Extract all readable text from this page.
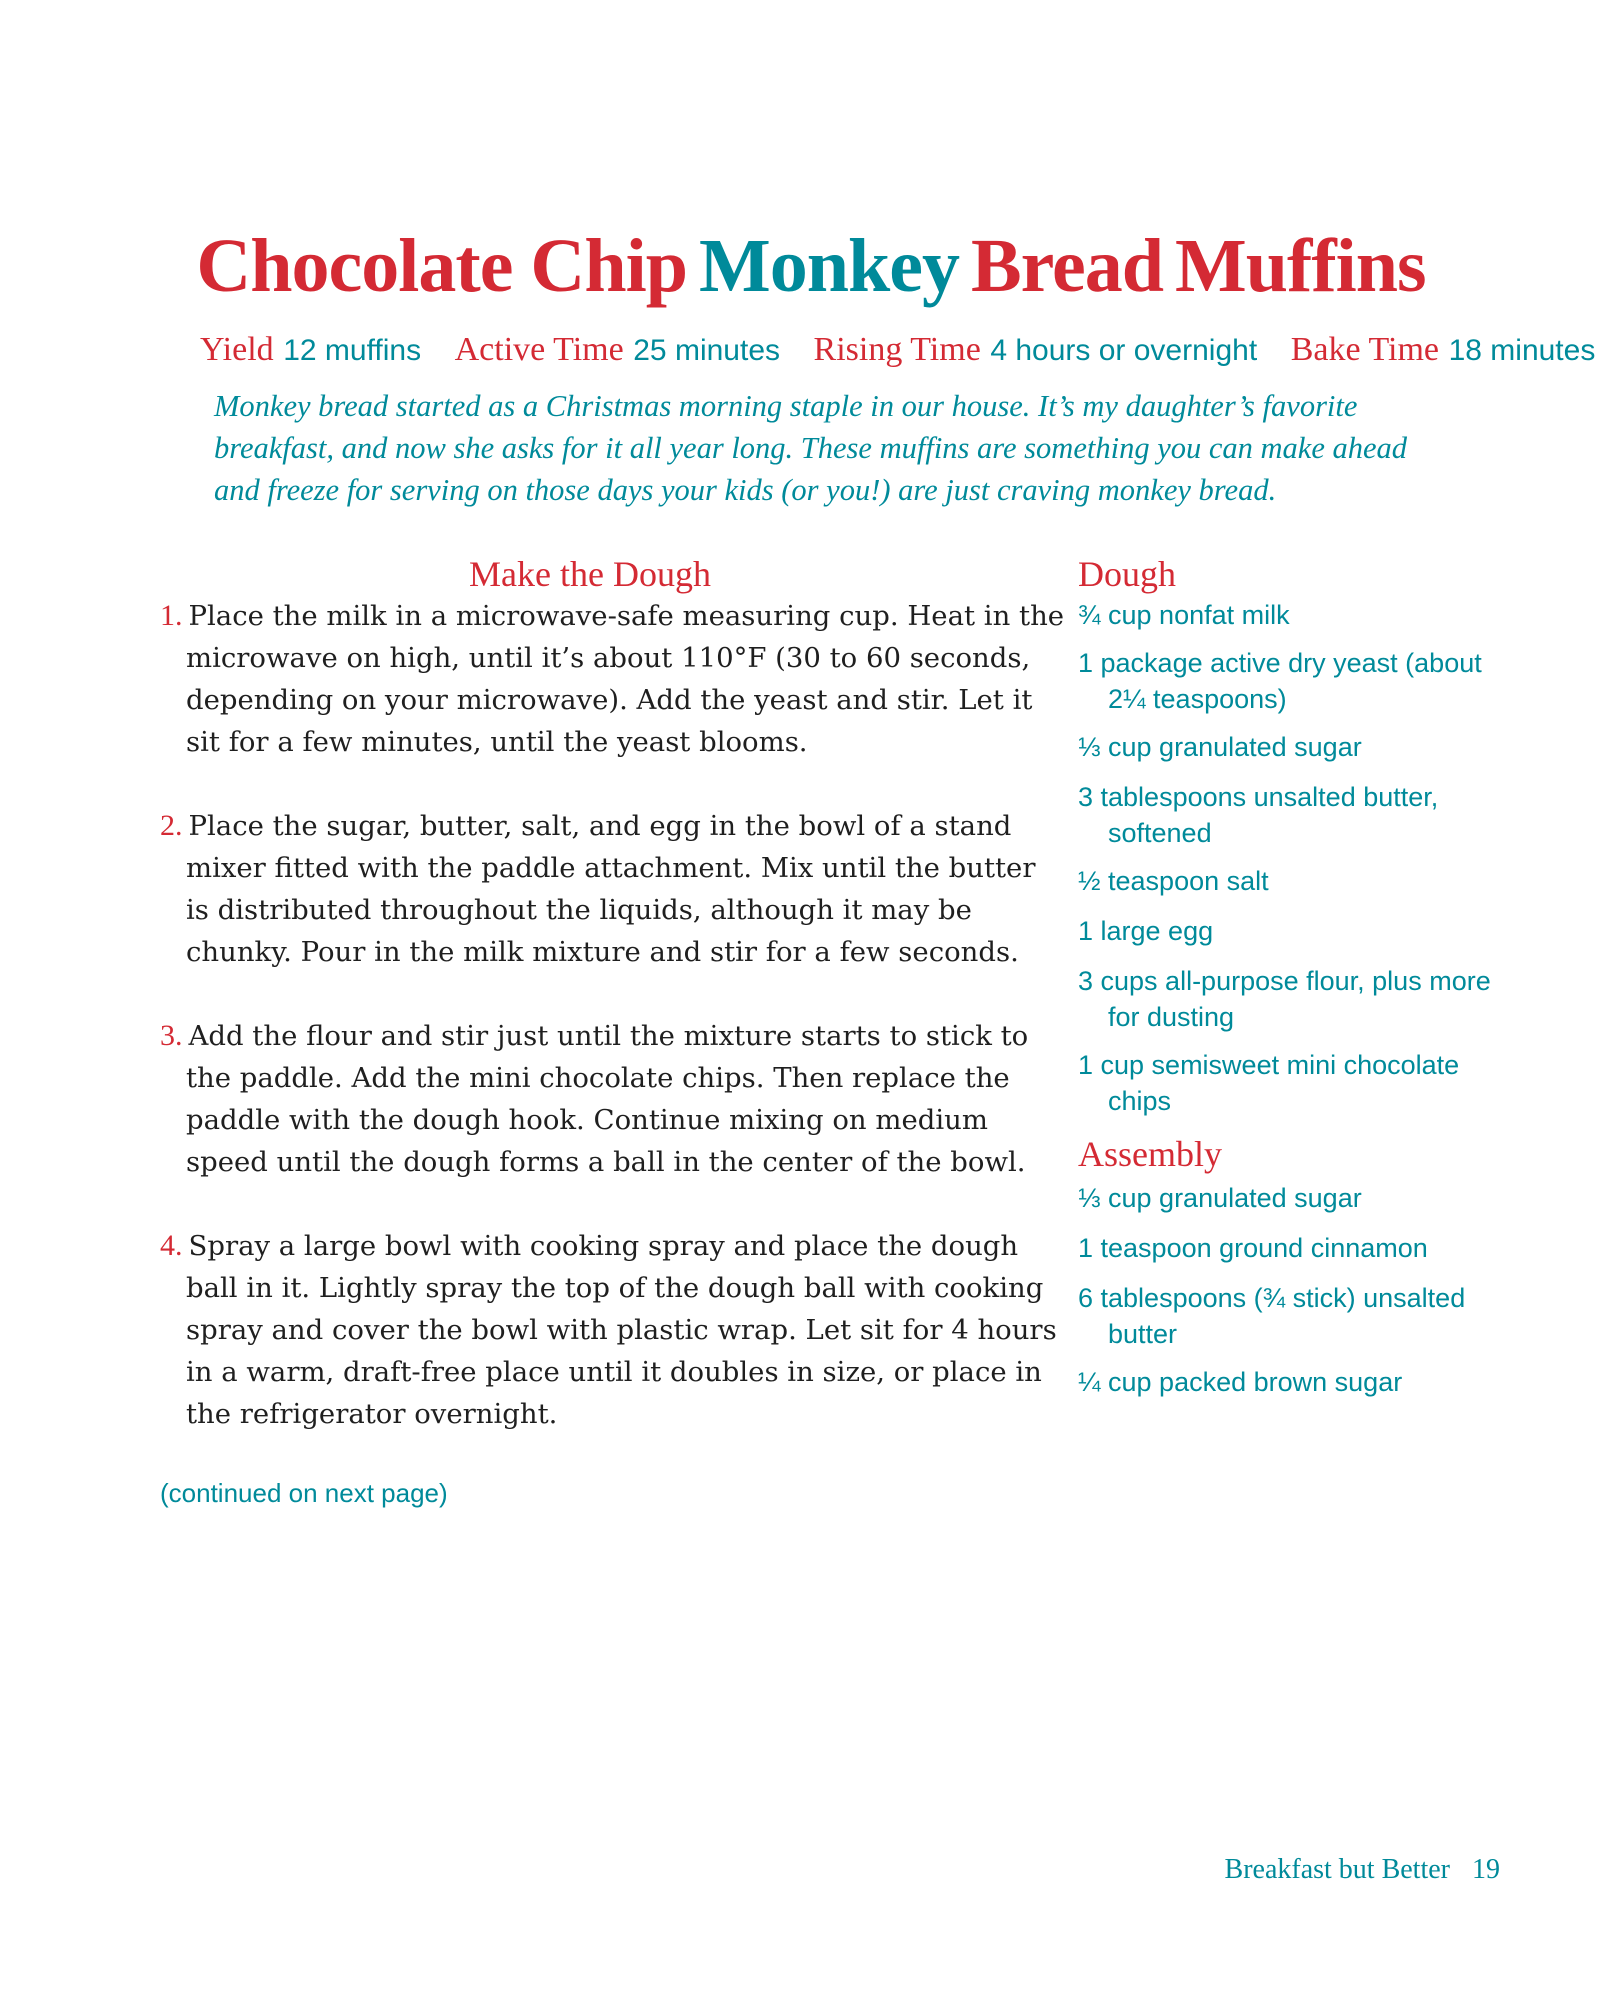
Chocolate Chip Monkey Bread Muffins
Yield 12 muffins Active Time 25 minutes Rising Time 4 hours or overnight Bake Time 18 minutes
Monkey bread started as a Christmas morning staple in our house. It’s my daughter’s favorite breakfast, and now she asks for it all year long. These muffins are something you can make ahead and freeze for serving on those days your kids (or you!) are just craving monkey bread.
Make the Dough
1. Place the milk in a microwave-safe measuring cup. Heat in the microwave on high, until it’s about 110°F (30 to 60 seconds, depending on your microwave). Add the yeast and stir. Let it sit for a few minutes, until the yeast blooms.
2. Place the sugar, butter, salt, and egg in the bowl of a stand mixer fitted with the paddle attachment. Mix until the butter is distributed throughout the liquids, although it may be chunky. Pour in the milk mixture and stir for a few seconds.
3. Add the flour and stir just until the mixture starts to stick to the paddle. Add the mini chocolate chips. Then replace the paddle with the dough hook. Continue mixing on medium speed until the dough forms a ball in the center of the bowl.
4. Spray a large bowl with cooking spray and place the dough ball in it. Lightly spray the top of the dough ball with cooking spray and cover the bowl with plastic wrap. Let sit for 4 hours in a warm, draft-free place until it doubles in size, or place in the refrigerator overnight.
(continued on next page)
Dough
¾ cup nonfat milk
1 package active dry yeast (about 2¼ teaspoons)
⅓ cup granulated sugar
3 tablespoons unsalted butter, softened
½ teaspoon salt
1 large egg
3 cups all-purpose flour, plus more for dusting
1 cup semisweet mini chocolate chips
Assembly
⅓ cup granulated sugar
1 teaspoon ground cinnamon
6 tablespoons (¾ stick) unsalted butter
¼ cup packed brown sugar
Breakfast but Better 19
